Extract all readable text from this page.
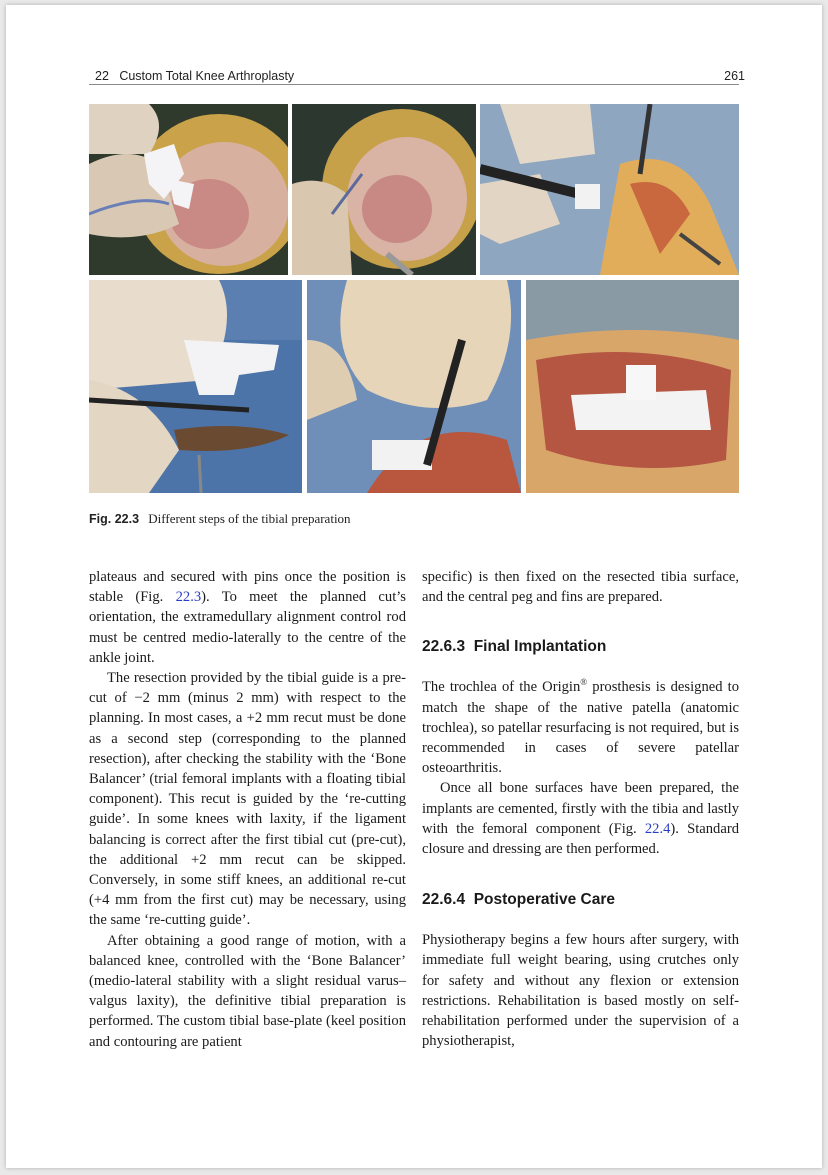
22   Custom Total Knee Arthroplasty	261
Fig. 22.3 Different steps of the tibial preparation

plateaus and secured with pins once the position is stable (Fig. 22.3). To meet the planned cut’s orientation, the extramedullary alignment control rod must be centred medio-laterally to the centre of the ankle joint.

The resection provided by the tibial guide is a pre-cut of −2 mm (minus 2 mm) with respect to the planning. In most cases, a +2 mm recut must be done as a second step (corresponding to the planned resection), after checking the stability with the ‘Bone Balancer’ (trial femoral implants with a floating tibial component). This recut is guided by the ‘re-cutting guide’. In some knees with laxity, if the ligament balancing is correct after the first tibial cut (pre-cut), the additional +2 mm recut can be skipped. Conversely, in some stiff knees, an additional re-cut (+4 mm from the first cut) may be necessary, using the same ‘re-cutting guide’.

After obtaining a good range of motion, with a balanced knee, controlled with the ‘Bone Balancer’ (medio-lateral stability with a slight residual varus–valgus laxity), the definitive tibial preparation is performed. The custom tibial base-plate (keel position and contouring are patient

specific) is then fixed on the resected tibia surface, and the central peg and fins are prepared.

22.6.3  Final Implantation

The trochlea of the Origin® prosthesis is designed to match the shape of the native patella (anatomic trochlea), so patellar resurfacing is not required, but is recommended in cases of severe patellar osteoarthritis.

Once all bone surfaces have been prepared, the implants are cemented, firstly with the tibia and lastly with the femoral component (Fig. 22.4). Standard closure and dressing are then performed.

22.6.4  Postoperative Care

Physiotherapy begins a few hours after surgery, with immediate full weight bearing, using crutches only for safety and without any flexion or extension restrictions. Rehabilitation is based mostly on self-rehabilitation performed under the supervision of a physiotherapist,
